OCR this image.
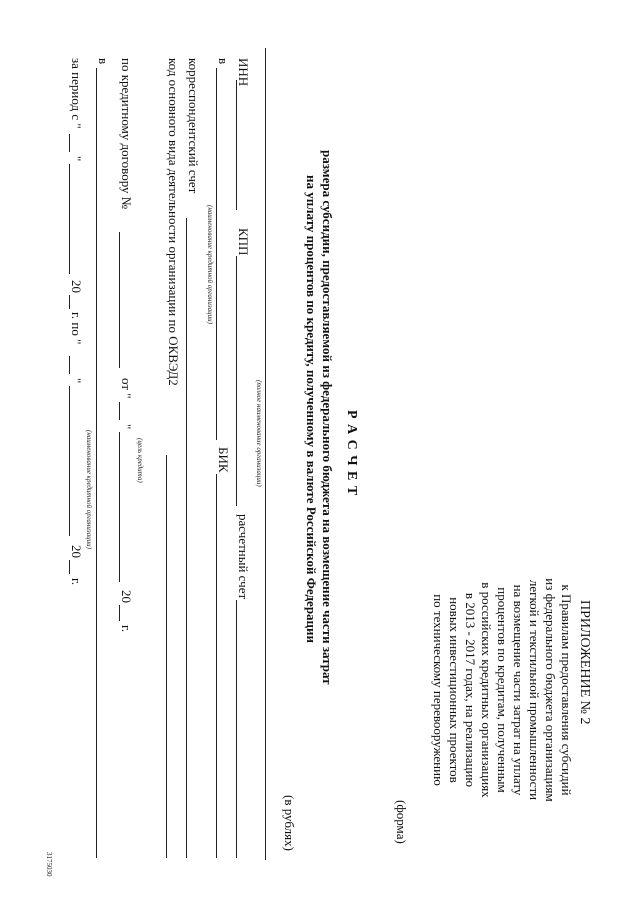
ПРИЛОЖЕНИЕ № 2
к Правилам предоставления субсидий
из федерального бюджета организациям
легкой и текстильной промышленности
на возмещение части затрат на уплату
процентов по кредитам, полученным
в российских кредитных организациях
в 2013 - 2017 годах, на реализацию
новых инвестиционных проектов
по техническому перевооружению
(форма)
Р А С Ч Е Т
размера субсидии, предоставляемой из федерального бюджета на возмещение части затрат
на уплату процентов по кредиту, полученному в валюте Российской Федерации
(в рублях)
(полное наименование организации)
ИНН
КПП
расчетный счет
в
БИК
(наименование кредитной организации)
корреспондентский счет
код основного вида деятельности организации по ОКВЭД2
по кредитному договору №
от "
"
20
г.
(цель кредита)
в
за период с "
"
20
г. по "
"
20
г.
(наименование кредитной организации)
3175030
